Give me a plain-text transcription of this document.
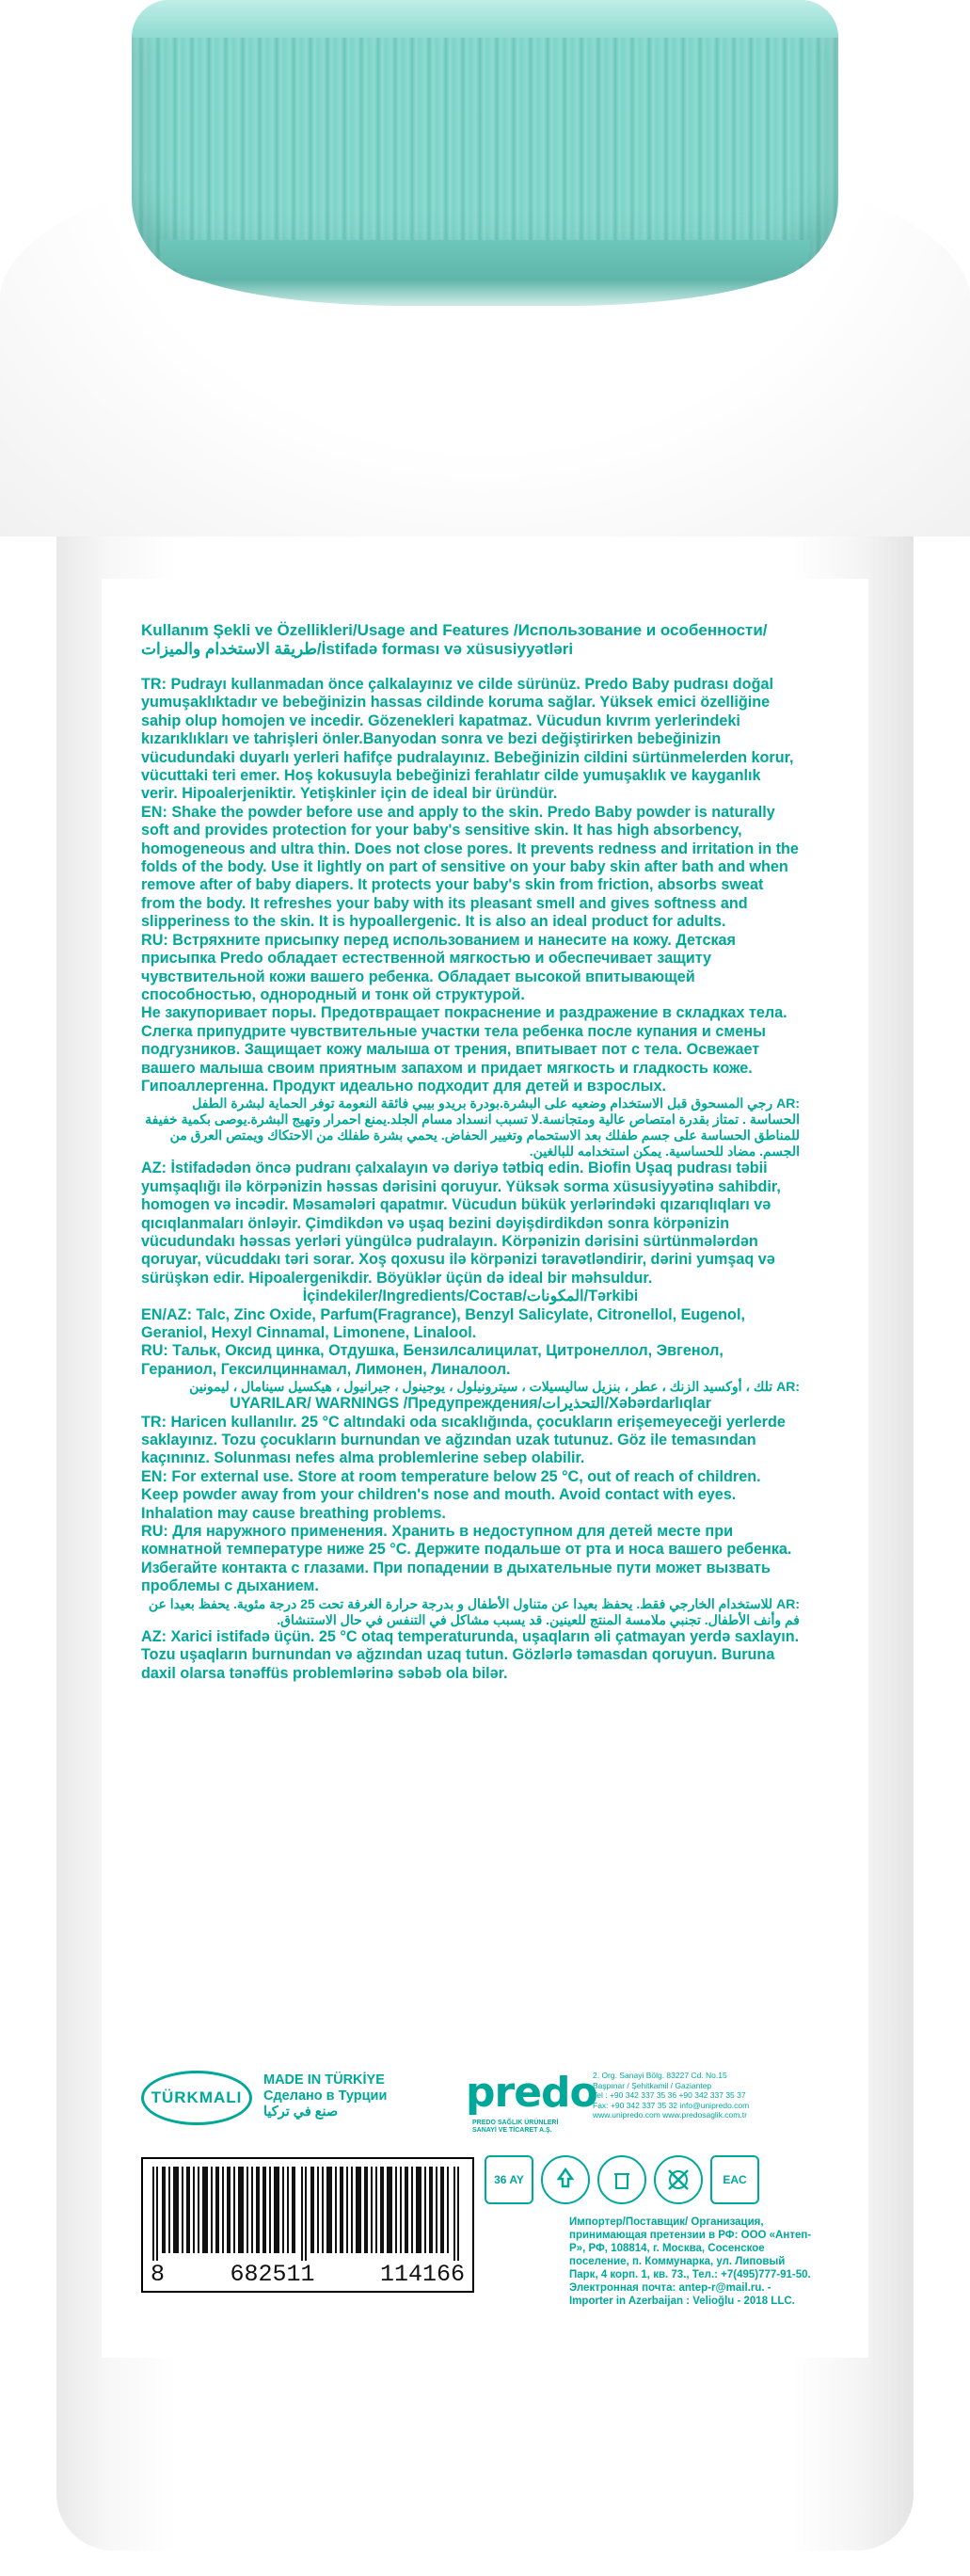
Kullanım Şekli ve Özellikleri/Usage and Features /Использование и особенности/ طريقة الاستخدام والميزات/İstifadə forması və xüsusiyyətləri

TR: Pudrayı kullanmadan önce çalkalayınız ve cilde sürünüz. Predo Baby pudrası doğal yumuşaklıktadır ve bebeğinizin hassas cildinde koruma sağlar. Yüksek emici özelliğine sahip olup homojen ve incedir. Gözenekleri kapatmaz. Vücudun kıvrım yerlerindeki kızarıklıkları ve tahrişleri önler.Banyodan sonra ve bezi değiştirirken bebeğinizin vücudundaki duyarlı yerleri hafifçe pudralayınız. Bebeğinizin cildini sürtünmelerden korur, vücuttaki teri emer. Hoş kokusuyla bebeğinizi ferahlatır cilde yumuşaklık ve kayganlık verir. Hipoalerjeniktir. Yetişkinler için de ideal bir üründür.

EN: Shake the powder before use and apply to the skin. Predo Baby powder is naturally soft and provides protection for your baby's sensitive skin. It has high absorbency, homogeneous and ultra thin. Does not close pores. It prevents redness and irritation in the folds of the body. Use it lightly on part of sensitive on your baby skin after bath and when remove after of baby diapers. It protects your baby's skin from friction, absorbs sweat from the body. It refreshes your baby with its pleasant smell and gives softness and slipperiness to the skin. It is hypoallergenic. It is also an ideal product for adults.

RU: Встряхните присыпку перед использованием и нанесите на кожу. Детская присыпка Predo обладает естественной мягкостью и обеспечивает защиту чувствительной кожи вашего ребенка. Обладает высокой впитывающей способностью, однородный и тонк ой структурой.

Не закупоривает поры. Предотвращает покраснение и раздражение в складках тела. Слегка припудрите чувствительные участки тела ребенка после купания и смены подгузников. Защищает кожу малыша от трения, впитывает пот с тела. Освежает вашего малыша своим приятным запахом и придает мягкость и гладкость коже. Гипоаллергенна. Продукт идеально подходит для детей и взрослых.

:AR رجي المسحوق قبل الاستخدام وضعيه على البشرة.بودرة بريدو بيبي فائقة النعومة توفر الحماية لبشرة الطفل الحساسة . تمتاز بقدرة امتصاص عالية ومتجانسة.لا تسبب انسداد مسام الجلد.يمنع احمرار وتهيج البشرة.يوصى بكمية خفيفة للمناطق الحساسة على جسم طفلك بعد الاستحمام وتغيير الحفاض. يحمي بشرة طفلك من الاحتكاك ويمتص العرق من الجسم. مضاد للحساسية. يمكن استخدامه للبالغين.

AZ: İstifadədən öncə pudranı çalxalayın və dəriyə tətbiq edin. Biofin Uşaq pudrası təbii yumşaqlığı ilə körpənizin həssas dərisini qoruyur. Yüksək sorma xüsusiyyətinə sahibdir, homogen və incədir. Məsamələri qapatmır. Vücudun bükük yerlərindəki qızarıqlıqları və qıcıqlanmaları önləyir. Çimdikdən və uşaq bezini dəyişdirdikdən sonra körpənizin vücudundakı həssas yerləri yüngülcə pudralayın. Körpənizin dərisini sürtünmələrdən qoruyar, vücuddakı təri sorar. Xoş qoxusu ilə körpənizi təravətləndirir, dərini yumşaq və sürüşkən edir. Hipoalergenikdir. Böyüklər üçün də ideal bir məhsuldur.

İçindekiler/Ingredients/Состав/المكونات/Tərkibi

EN/AZ: Talc, Zinc Oxide, Parfum(Fragrance), Benzyl Salicylate, Citronellol, Eugenol, Geraniol, Hexyl Cinnamal, Limonene, Linalool.

RU: Тальк, Оксид цинка, Отдушка, Бензилсалицилат, Цитронеллол, Эвгенол, Гераниол, Гексилциннамал, Лимонен, Линалоол.

:AR تلك ، أوكسيد الزنك ، عطر ، بنزيل ساليسيلات ، سيترونيلول ، يوجينول ، جيرانيول ، هيكسيل سينامال ، ليمونين

UYARILAR/ WARNINGS /Предупреждения/التحذيرات/Xəbərdarlıqlar

TR: Haricen kullanılır. 25 °C altındaki oda sıcaklığında, çocukların erişemeyeceği yerlerde saklayınız. Tozu çocukların burnundan ve ağzından uzak tutunuz. Göz ile temasından kaçınınız. Solunması nefes alma problemlerine sebep olabilir.

EN: For external use. Store at room temperature below 25 °C, out of reach of children. Keep powder away from your children's nose and mouth. Avoid contact with eyes. Inhalation may cause breathing problems.

RU: Для наружного применения. Хранить в недоступном для детей месте при комнатной температуре ниже 25 °C. Держите подальше от рта и носа вашего ребенка. Избегайте контакта с глазами. При попадении в дыхательные пути может вызвать проблемы с дыханием.

:AR للاستخدام الخارجي فقط. يحفظ بعيدا عن متناول الأطفال و بدرجة حرارة الغرفة تحت 25 درجة مئوية. يحفظ بعيدا عن فم وأنف الأطفال. تجنبي ملامسة المنتج للعينين. قد يسبب مشاكل في التنفس في حال الاستنشاق.

AZ: Xarici istifadə üçün. 25 °C otaq temperaturunda, uşaqların əli çatmayan yerdə saxlayın. Tozu uşaqların burnundan və ağzından uzaq tutun. Gözlərlə təmasdan qoruyun. Buruna daxil olarsa tənəffüs problemlərinə səbəb ola bilər.

TÜRKMALI
MADE IN TÜRKİYE
Сделано в Турции
صنع في تركيا	predo
PREDO SAĞLIK ÜRÜNLERİ
SANAYİ VE TİCARET A.Ş.
2. Org. Sanayi Bölg. 83227 Cd. No.15
Başpınar / Şehitkamil / Gaziantep
Tel : +90 342 337 35 36 +90 342 337 35 37
Fax: +90 342 337 35 32 info@unipredo.com
www.unipredo.com www.predosaglik.com.tr
8	682511	114166
36 AY	EAC
Импортер/Поставщик/ Организация, принимающая претензии в РФ: ООО «Антеп-Р», РФ, 108814, г. Москва, Сосенское поселение, п. Коммунарка, ул. Липовый Парк, 4 корп. 1, кв. 73., Тел.: +7(495)777-91-50. Электронная почта: antep-r@mail.ru. - Importer in Azerbaijan : Velioğlu - 2018 LLC.
